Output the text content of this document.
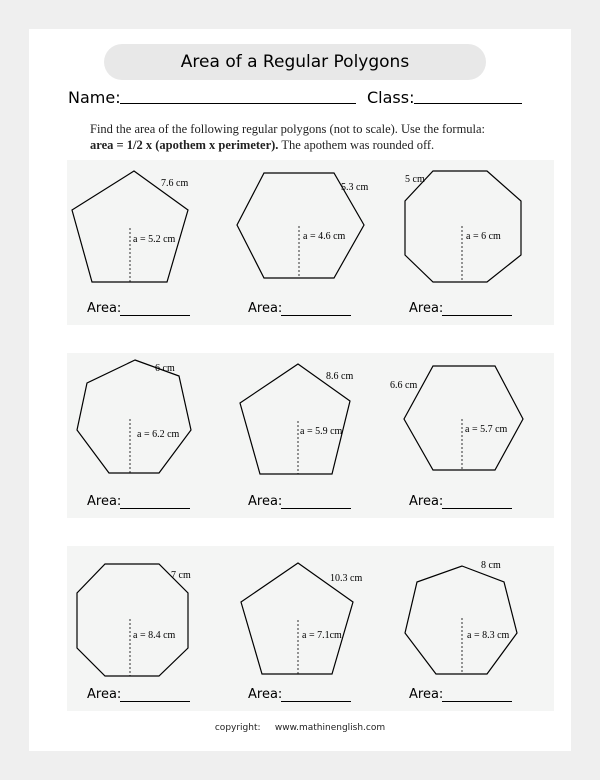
Area of a Regular Polygons
Name:	Class:
Find the area of the following regular polygons (not to scale). Use the formula:
area = 1/2 x (apothem x perimeter). The apothem was rounded off.
7.6 cm
a = 5.2 cm
Area:
5.3 cm
a = 4.6 cm
Area:
5 cm
a = 6 cm
Area:
6 cm
a = 6.2 cm
Area:
8.6 cm
a = 5.9 cm
Area:
6.6 cm
a = 5.7 cm
Area:
7 cm
a = 8.4 cm
Area:
10.3 cm
a = 7.1cm
Area:
8 cm
a = 8.3 cm
Area:
copyright: www.mathinenglish.com
